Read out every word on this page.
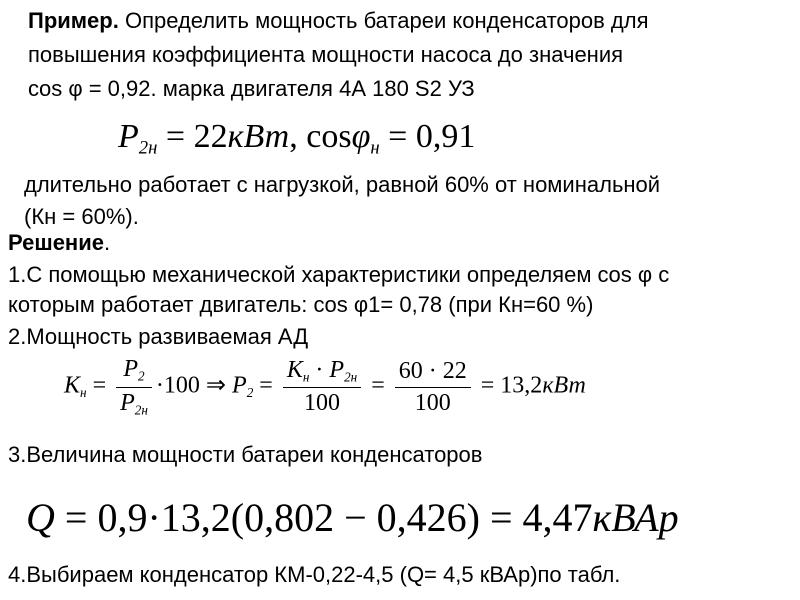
Пример. Определить мощность батареи конденсаторов для
повышения коэффициента мощности насоса до значения
cos φ = 0,92. марка двигателя 4А 180 S2 УЗ
$P_{2н} = 22кВт$, cosφ$_н$ = 0,91
длительно работает с нагрузкой, равной 60% от номинальной
(Кн = 60%).
Решение.
1.С помощью механической характеристики определяем cos φ с
которым работает двигатель: cos φ1= 0,78 (при Кн=60 %)
2.Мощность развиваемая АД
$K_н = \frac{P_2}{P_{2н}} \cdot 100$ ⇒ $P_2 = \frac{K_н \cdot P_{2н}}{100} = \frac{60 \cdot 22}{100} = 13,2кВт$
3.Величина мощности батареи конденсаторов
Q = 0,9·13,2(0,802 − 0,426) = 4,47кВАр
4.Выбираем конденсатор КМ-0,22-4,5 (Q= 4,5 кВАр)по табл.
